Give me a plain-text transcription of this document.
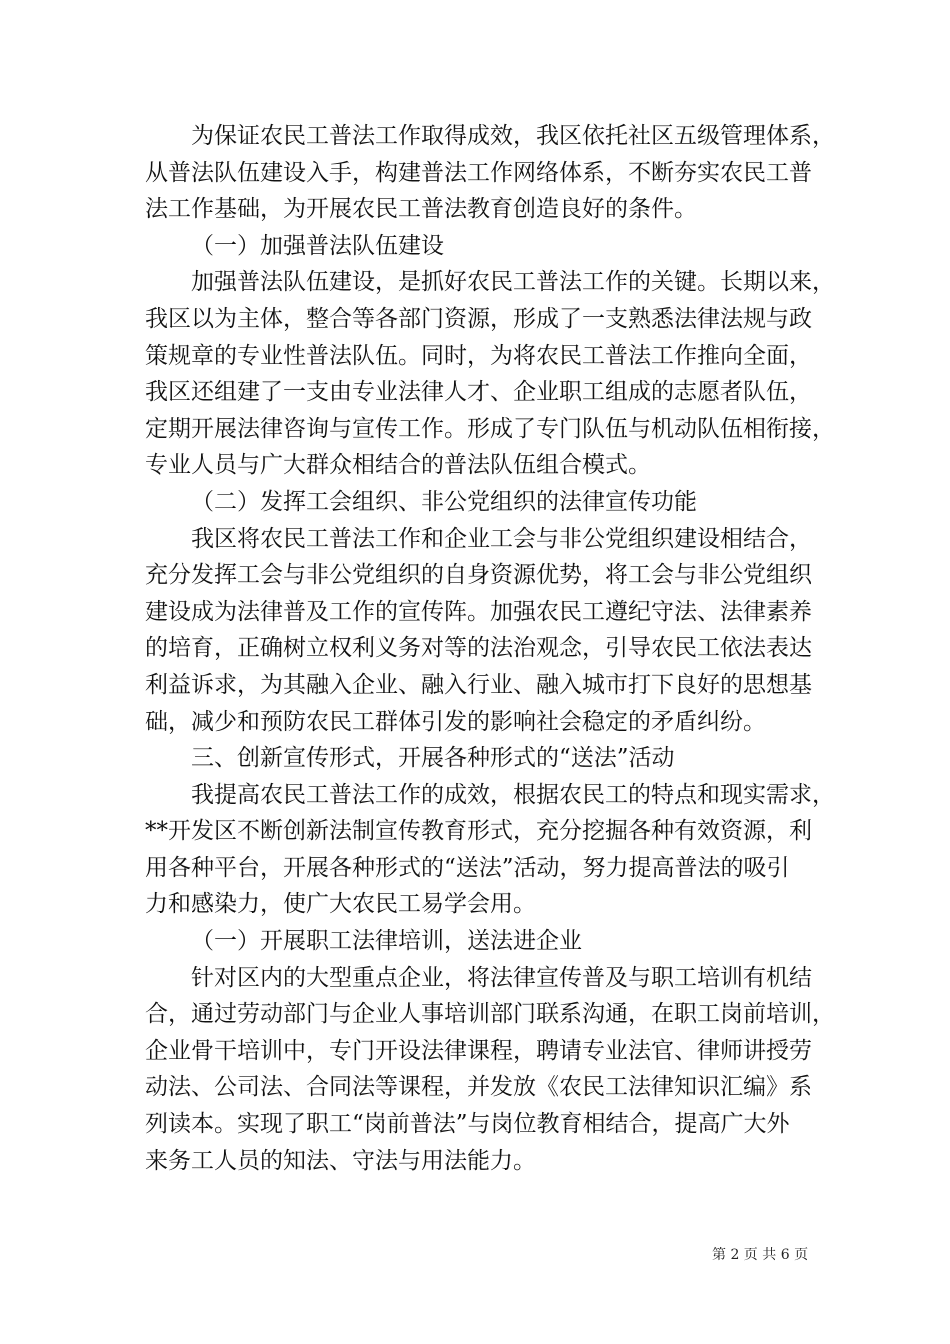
为保证农民工普法工作取得成效，我区依托社区五级管理体系，
从普法队伍建设入手，构建普法工作网络体系，不断夯实农民工普
法工作基础，为开展农民工普法教育创造良好的条件。
（一）加强普法队伍建设
加强普法队伍建设，是抓好农民工普法工作的关键。长期以来，
我区以为主体，整合等各部门资源，形成了一支熟悉法律法规与政
策规章的专业性普法队伍。同时，为将农民工普法工作推向全面，
我区还组建了一支由专业法律人才、企业职工组成的志愿者队伍，
定期开展法律咨询与宣传工作。形成了专门队伍与机动队伍相衔接，
专业人员与广大群众相结合的普法队伍组合模式。
（二）发挥工会组织、非公党组织的法律宣传功能
我区将农民工普法工作和企业工会与非公党组织建设相结合，
充分发挥工会与非公党组织的自身资源优势，将工会与非公党组织
建设成为法律普及工作的宣传阵。加强农民工遵纪守法、法律素养
的培育，正确树立权利义务对等的法治观念，引导农民工依法表达
利益诉求，为其融入企业、融入行业、融入城市打下良好的思想基
础，减少和预防农民工群体引发的影响社会稳定的矛盾纠纷。
三、创新宣传形式，开展各种形式的“送法”活动
我提高农民工普法工作的成效，根据农民工的特点和现实需求，
**开发区不断创新法制宣传教育形式，充分挖掘各种有效资源，利
用各种平台，开展各种形式的“送法”活动，努力提高普法的吸引
力和感染力，使广大农民工易学会用。
（一）开展职工法律培训，送法进企业
针对区内的大型重点企业，将法律宣传普及与职工培训有机结
合，通过劳动部门与企业人事培训部门联系沟通，在职工岗前培训，
企业骨干培训中，专门开设法律课程，聘请专业法官、律师讲授劳
动法、公司法、合同法等课程，并发放《农民工法律知识汇编》系
列读本。实现了职工“岗前普法”与岗位教育相结合，提高广大外
来务工人员的知法、守法与用法能力。
第 2 页 共 6 页
